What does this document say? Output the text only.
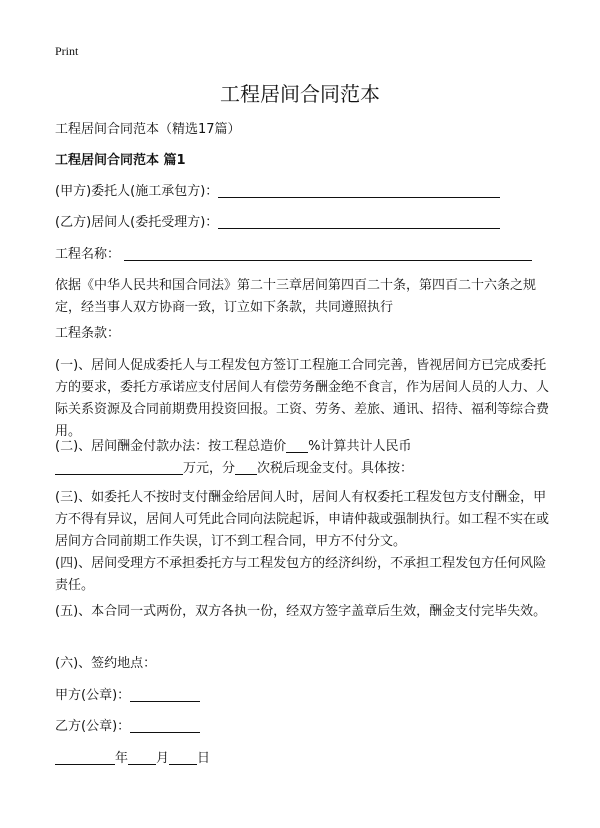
Print
工程居间合同范本
工程居间合同范本（精选17篇）
工程居间合同范本 篇1
(甲方)委托人(施工承包方)：
(乙方)居间人(委托受理方)：
工程名称：

依据《中华人民共和国合同法》第二十三章居间第四百二十条，第四百二十六条之规定，经当事人双方协商一致，订立如下条款，共同遵照执行

工程条款：

(一)、居间人促成委托人与工程发包方签订工程施工合同完善，皆视居间方已完成委托方的要求，委托方承诺应支付居间人有偿劳务酬金绝不食言，作为居间人员的人力、人际关系资源及合同前期费用投资回报。工资、劳务、差旅、通讯、招待、福利等综合费用。

(二)、居间酬金付款办法：按工程总造价 %计算共计人民币
万元，分 次税后现金支付。具体按：

(三)、如委托人不按时支付酬金给居间人时，居间人有权委托工程发包方支付酬金，甲方不得有异议，居间人可凭此合同向法院起诉，申请仲裁或强制执行。如工程不实在或居间方合同前期工作失误，订不到工程合同，甲方不付分文。

(四)、居间受理方不承担委托方与工程发包方的经济纠纷，不承担工程发包方任何风险责任。

(五)、本合同一式两份，双方各执一份，经双方签字盖章后生效，酬金支付完毕失效。

(六)、签约地点：
甲方(公章)：
乙方(公章)：
年 月 日
